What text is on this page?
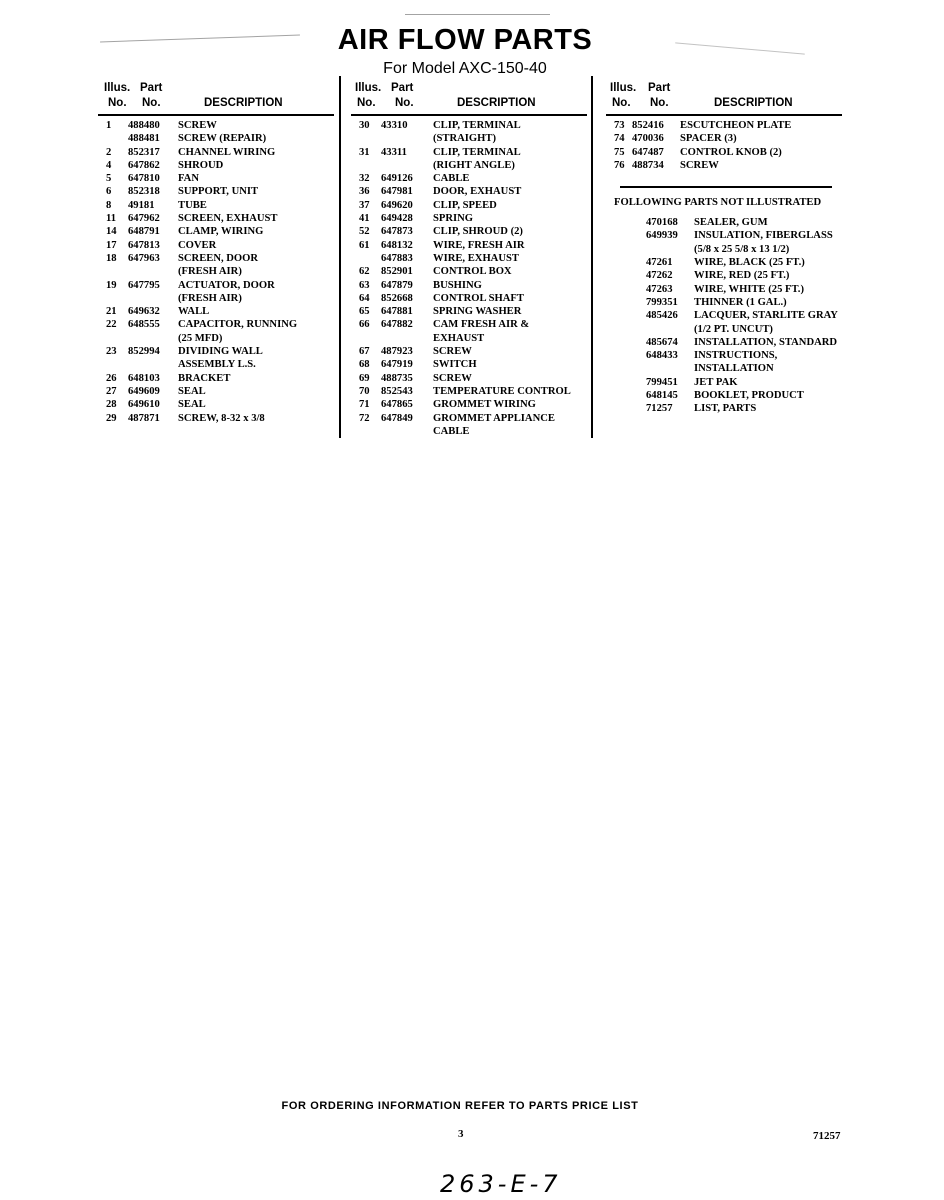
AIR FLOW PARTS
For Model AXC-150-40
Illus. Part
No. No.	DESCRIPTION
1 488480 SCREW
488481 SCREW (REPAIR)
2 852317 CHANNEL WIRING
4 647862 SHROUD
5 647810 FAN
6 852318 SUPPORT, UNIT
8 49181 TUBE
11 647962 SCREEN, EXHAUST
14 648791 CLAMP, WIRING
17 647813 COVER
18 647963 SCREEN, DOOR
(FRESH AIR)
19 647795 ACTUATOR, DOOR
(FRESH AIR)
21 649632 WALL
22 648555 CAPACITOR, RUNNING
(25 MFD)
23 852994 DIVIDING WALL
ASSEMBLY L.S.
26 648103 BRACKET
27 649609 SEAL
28 649610 SEAL
29 487871 SCREW, 8-32 x 3/8
Illus. Part
No. No.	DESCRIPTION
30 43310 CLIP, TERMINAL
(STRAIGHT)
31 43311 CLIP, TERMINAL
(RIGHT ANGLE)
32 649126 CABLE
36 647981 DOOR, EXHAUST
37 649620 CLIP, SPEED
41 649428 SPRING
52 647873 CLIP, SHROUD (2)
61 648132 WIRE, FRESH AIR
647883 WIRE, EXHAUST
62 852901 CONTROL BOX
63 647879 BUSHING
64 852668 CONTROL SHAFT
65 647881 SPRING WASHER
66 647882 CAM FRESH AIR &
EXHAUST
67 487923 SCREW
68 647919 SWITCH
69 488735 SCREW
70 852543 TEMPERATURE CONTROL
71 647865 GROMMET WIRING
72 647849 GROMMET APPLIANCE
CABLE
Illus. Part
No. No.	DESCRIPTION
73 852416 ESCUTCHEON PLATE
74 470036 SPACER (3)
75 647487 CONTROL KNOB (2)
76 488734 SCREW
FOLLOWING PARTS NOT ILLUSTRATED
470168 SEALER, GUM
649939 INSULATION, FIBERGLASS
(5/8 x 25 5/8 x 13 1/2)
47261 WIRE, BLACK (25 FT.)
47262 WIRE, RED (25 FT.)
47263 WIRE, WHITE (25 FT.)
799351 THINNER (1 GAL.)
485426 LACQUER, STARLITE GRAY
(1/2 PT. UNCUT)
485674 INSTALLATION, STANDARD
648433 INSTRUCTIONS,
INSTALLATION
799451 JET PAK
648145 BOOKLET, PRODUCT
71257 LIST, PARTS
FOR ORDERING INFORMATION REFER TO PARTS PRICE LIST
3	71257
263-E-7
